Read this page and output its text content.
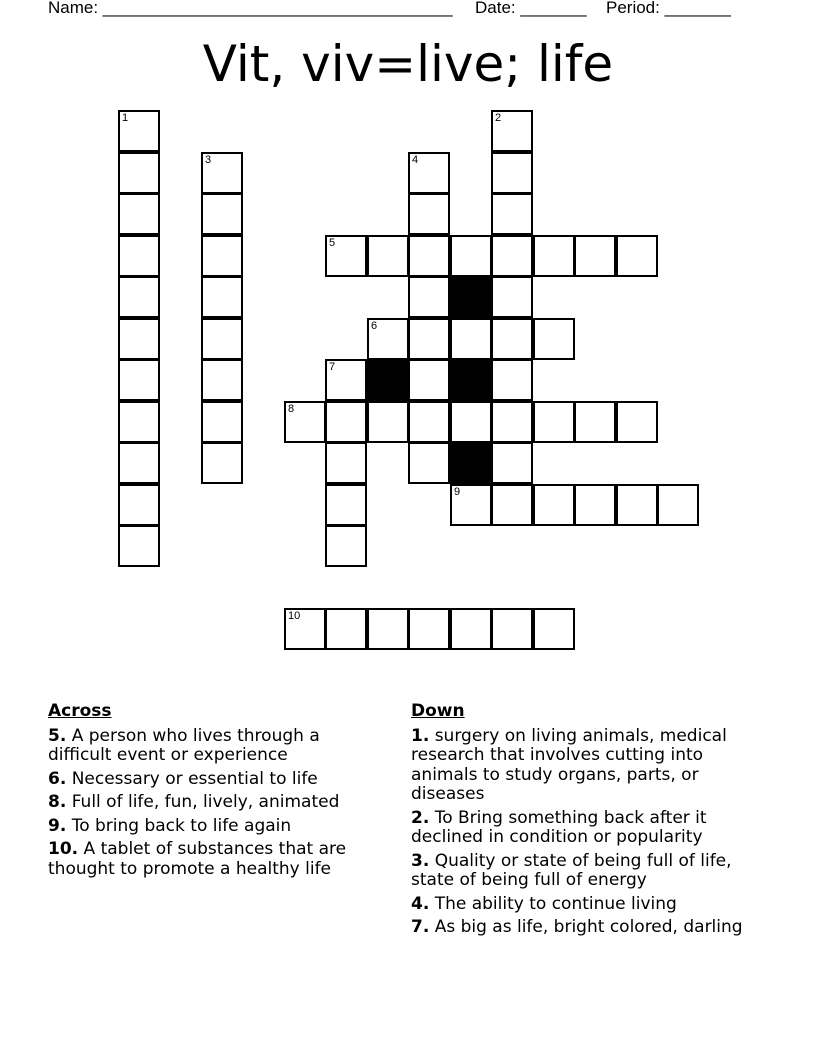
Name: _____________________________________ Date: _______ Period: _______
Vit, viv=live; life
1	2
3	4
5
6
7
8
9
10
Across
5. A person who lives through a difficult event or experience
6. Necessary or essential to life
8. Full of life, fun, lively, animated
9. To bring back to life again
10. A tablet of substances that are thought to promote a healthy life
Down
1. surgery on living animals, medical research that involves cutting into animals to study organs, parts, or diseases
2. To Bring something back after it declined in condition or popularity
3. Quality or state of being full of life, state of being full of energy
4. The ability to continue living
7. As big as life, bright colored, darling
